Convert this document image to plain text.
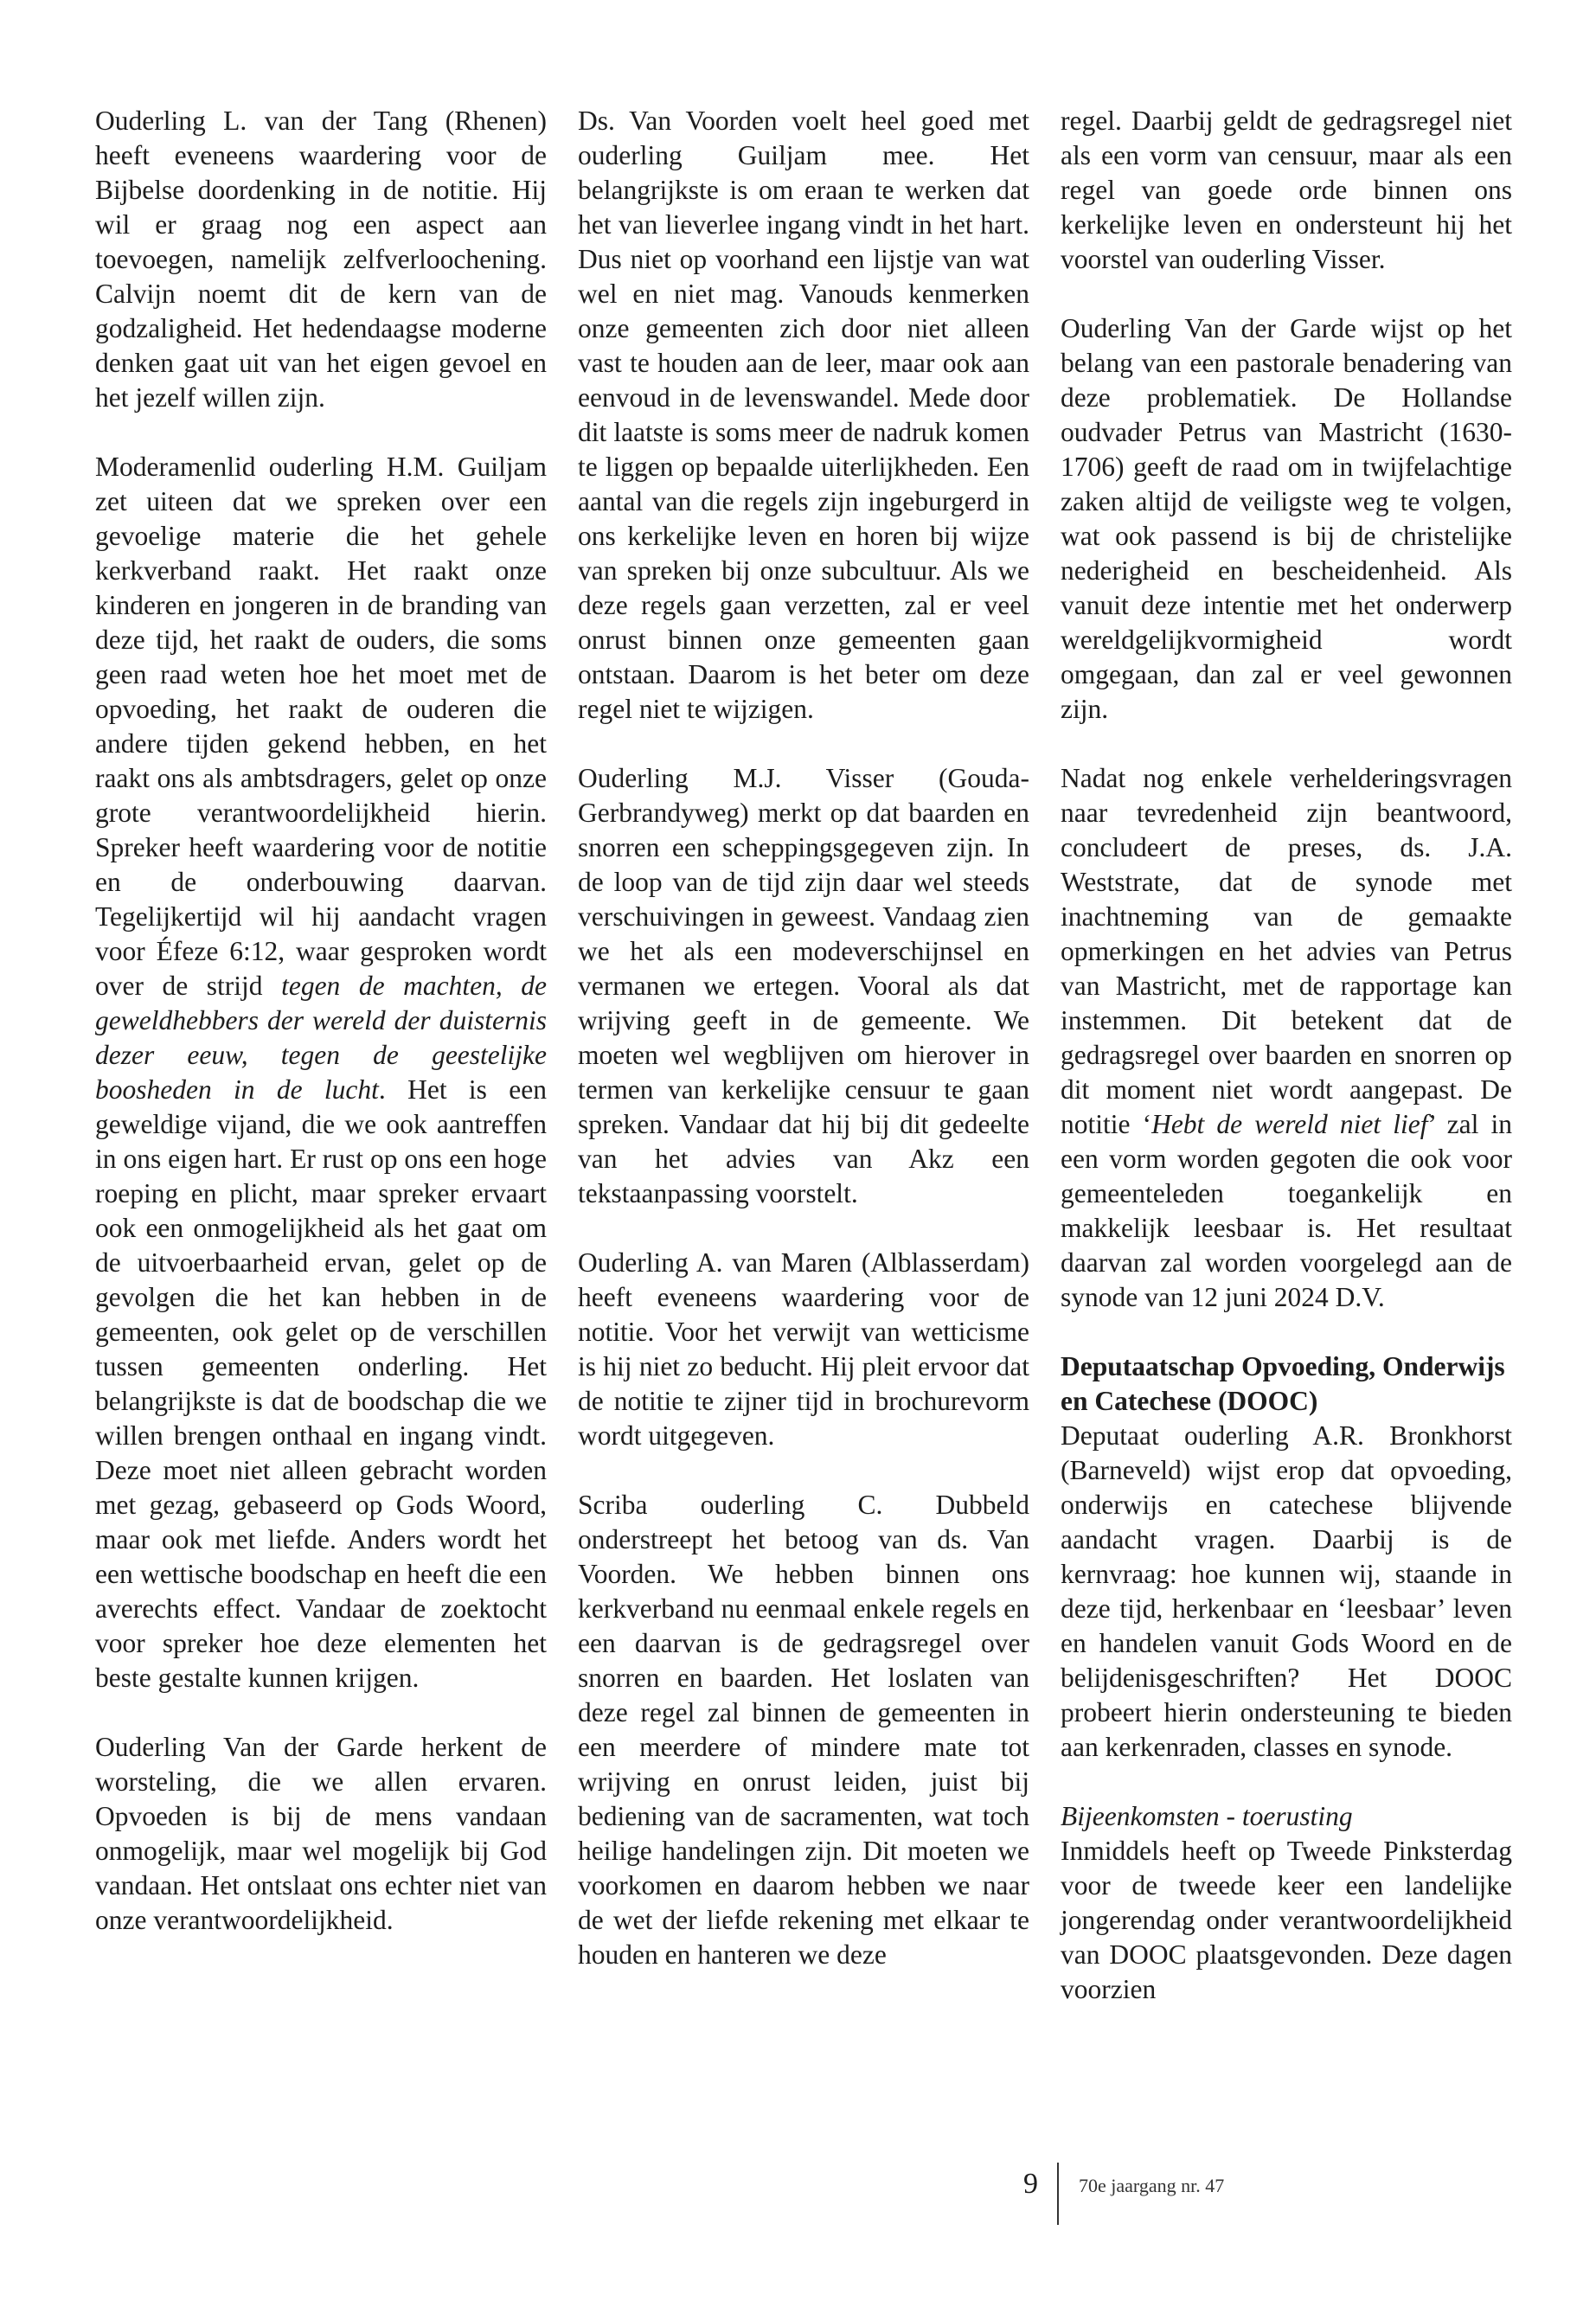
Ouderling L. van der Tang (Rhenen) heeft eveneens waardering voor de Bijbelse doordenking in de notitie. Hij wil er graag nog een aspect aan toevoegen, namelijk zelfverloochening. Calvijn noemt dit de kern van de godzaligheid. Het hedendaagse moderne denken gaat uit van het eigen gevoel en het jezelf willen zijn.

Moderamenlid ouderling H.M. Guiljam zet uiteen dat we spreken over een gevoelige materie die het gehele kerkverband raakt. Het raakt onze kinderen en jongeren in de branding van deze tijd, het raakt de ouders, die soms geen raad weten hoe het moet met de opvoeding, het raakt de ouderen die andere tijden gekend hebben, en het raakt ons als ambtsdragers, gelet op onze grote verantwoordelijkheid hierin. Spreker heeft waardering voor de notitie en de onderbouwing daarvan. Tegelijkertijd wil hij aandacht vragen voor Éfeze 6:12, waar gesproken wordt over de strijd tegen de machten, de geweldhebbers der wereld der duisternis dezer eeuw, tegen de geestelijke boosheden in de lucht. Het is een geweldige vijand, die we ook aantreffen in ons eigen hart. Er rust op ons een hoge roeping en plicht, maar spreker ervaart ook een onmogelijkheid als het gaat om de uitvoerbaarheid ervan, gelet op de gevolgen die het kan hebben in de gemeenten, ook gelet op de verschillen tussen gemeenten onderling. Het belangrijkste is dat de boodschap die we willen brengen onthaal en ingang vindt. Deze moet niet alleen gebracht worden met gezag, gebaseerd op Gods Woord, maar ook met liefde. Anders wordt het een wettische boodschap en heeft die een averechts effect. Vandaar de zoektocht voor spreker hoe deze elementen het beste gestalte kunnen krijgen.

Ouderling Van der Garde herkent de worsteling, die we allen ervaren. Opvoeden is bij de mens vandaan onmogelijk, maar wel mogelijk bij God vandaan. Het ontslaat ons echter niet van onze verantwoordelijkheid.

Ds. Van Voorden voelt heel goed met ouderling Guiljam mee. Het belangrijkste is om eraan te werken dat het van lieverlee ingang vindt in het hart. Dus niet op voorhand een lijstje van wat wel en niet mag. Vanouds kenmerken onze gemeenten zich door niet alleen vast te houden aan de leer, maar ook aan eenvoud in de levenswandel. Mede door dit laatste is soms meer de nadruk komen te liggen op bepaalde uiterlijkheden. Een aantal van die regels zijn ingeburgerd in ons kerkelijke leven en horen bij wijze van spreken bij onze subcultuur. Als we deze regels gaan verzetten, zal er veel onrust binnen onze gemeenten gaan ontstaan. Daarom is het beter om deze regel niet te wijzigen.

Ouderling M.J. Visser (Gouda-Gerbrandyweg) merkt op dat baarden en snorren een scheppingsgegeven zijn. In de loop van de tijd zijn daar wel steeds verschuivingen in geweest. Vandaag zien we het als een modeverschijnsel en vermanen we ertegen. Vooral als dat wrijving geeft in de gemeente. We moeten wel wegblijven om hierover in termen van kerkelijke censuur te gaan spreken. Vandaar dat hij bij dit gedeelte van het advies van Akz een tekstaanpassing voorstelt.

Ouderling A. van Maren (Alblasserdam) heeft eveneens waardering voor de notitie. Voor het verwijt van wetticisme is hij niet zo beducht. Hij pleit ervoor dat de notitie te zijner tijd in brochurevorm wordt uitgegeven.

Scriba ouderling C. Dubbeld onderstreept het betoog van ds. Van Voorden. We hebben binnen ons kerkverband nu eenmaal enkele regels en een daarvan is de gedragsregel over snorren en baarden. Het loslaten van deze regel zal binnen de gemeenten in een meerdere of mindere mate tot wrijving en onrust leiden, juist bij bediening van de sacramenten, wat toch heilige handelingen zijn. Dit moeten we voorkomen en daarom hebben we naar de wet der liefde rekening met elkaar te houden en hanteren we deze

regel. Daarbij geldt de gedragsregel niet als een vorm van censuur, maar als een regel van goede orde binnen ons kerkelijke leven en ondersteunt hij het voorstel van ouderling Visser.

Ouderling Van der Garde wijst op het belang van een pastorale benadering van deze problematiek. De Hollandse oudvader Petrus van Mastricht (1630-1706) geeft de raad om in twijfelachtige zaken altijd de veiligste weg te volgen, wat ook passend is bij de christelijke nederigheid en bescheidenheid. Als vanuit deze intentie met het onderwerp wereldgelijkvormigheid wordt omgegaan, dan zal er veel gewonnen zijn.

Nadat nog enkele verhelderingsvragen naar tevredenheid zijn beantwoord, concludeert de preses, ds. J.A. Weststrate, dat de synode met inachtneming van de gemaakte opmerkingen en het advies van Petrus van Mastricht, met de rapportage kan instemmen. Dit betekent dat de gedragsregel over baarden en snorren op dit moment niet wordt aangepast. De notitie ‘Hebt de wereld niet lief’ zal in een vorm worden gegoten die ook voor gemeenteleden toegankelijk en makkelijk leesbaar is. Het resultaat daarvan zal worden voorgelegd aan de synode van 12 juni 2024 D.V.

Deputaatschap Opvoeding, Onderwijs en Catechese (DOOC)

Deputaat ouderling A.R. Bronkhorst (Barneveld) wijst erop dat opvoeding, onderwijs en catechese blijvende aandacht vragen. Daarbij is de kernvraag: hoe kunnen wij, staande in deze tijd, herkenbaar en ‘leesbaar’ leven en handelen vanuit Gods Woord en de belijdenisgeschriften? Het DOOC probeert hierin ondersteuning te bieden aan kerkenraden, classes en synode.

Bijeenkomsten - toerusting

Inmiddels heeft op Tweede Pinksterdag voor de tweede keer een landelijke jongerendag onder verantwoordelijkheid van DOOC plaatsgevonden. Deze dagen voorzien

9 70e jaargang nr. 47
